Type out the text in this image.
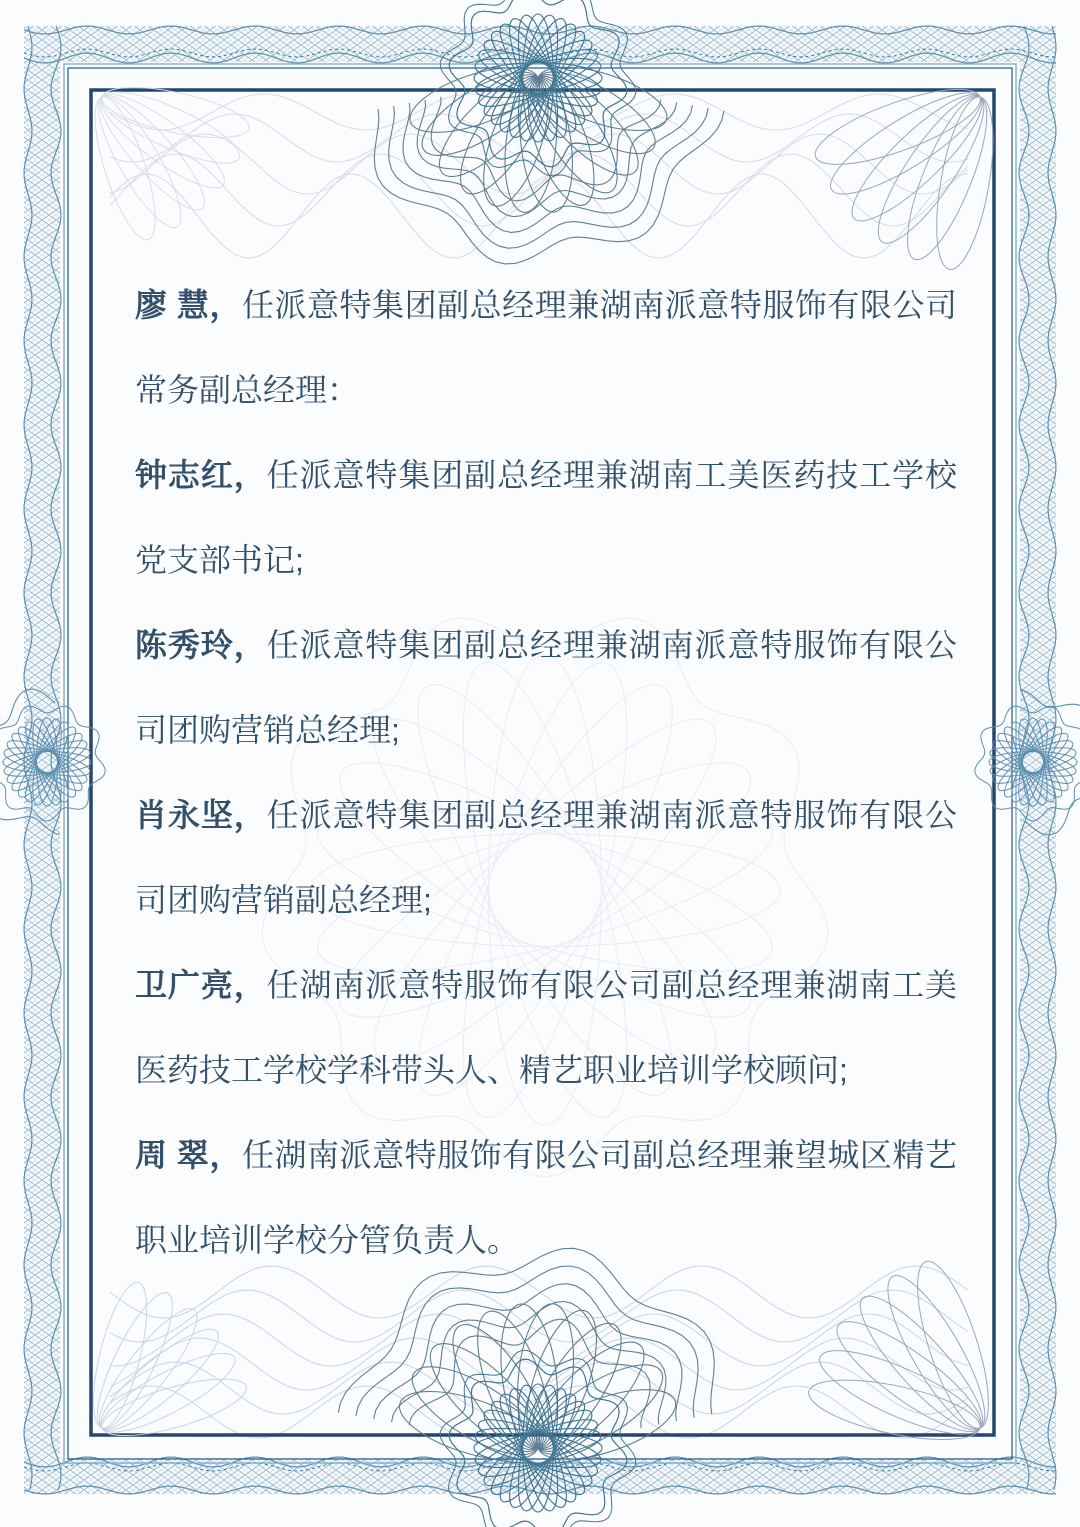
廖 慧，任派意特集团副总经理兼湖南派意特服饰有限公司常务副总经理：

钟志红，任派意特集团副总经理兼湖南工美医药技工学校党支部书记;

陈秀玲，任派意特集团副总经理兼湖南派意特服饰有限公司团购营销总经理;

肖永坚，任派意特集团副总经理兼湖南派意特服饰有限公司团购营销副总经理;

卫广亮，任湖南派意特服饰有限公司副总经理兼湖南工美医药技工学校学科带头人、精艺职业培训学校顾问;

周 翠，任湖南派意特服饰有限公司副总经理兼望城区精艺职业培训学校分管负责人。
